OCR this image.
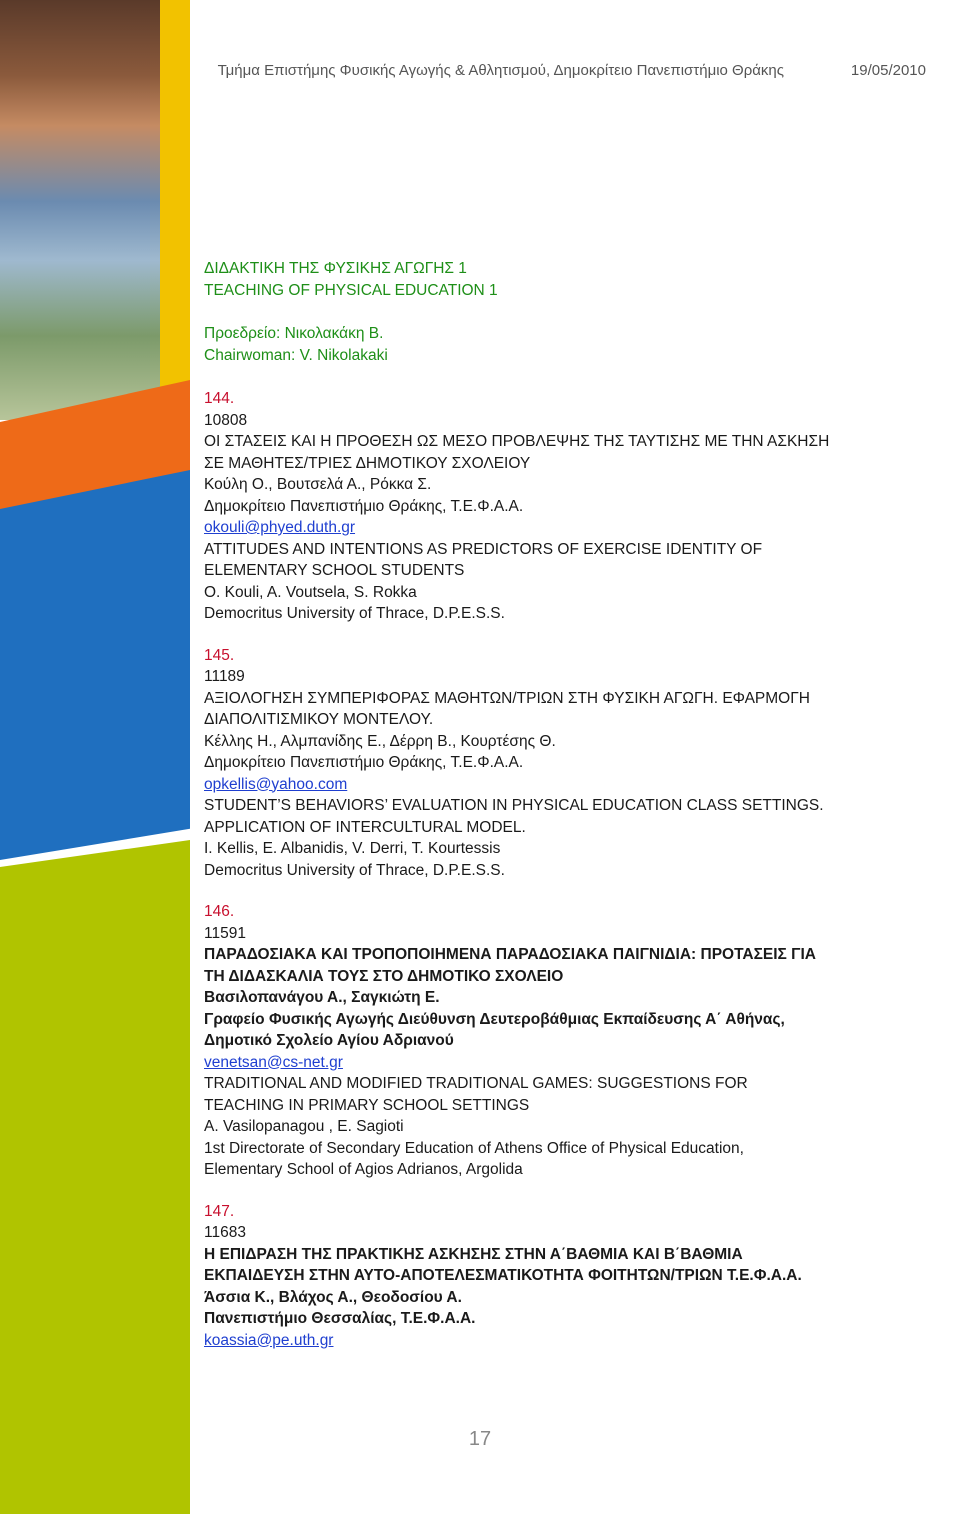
Τμήμα Επιστήμης Φυσικής Αγωγής & Αθλητισμού, Δημοκρίτειο Πανεπιστήμιο Θράκης	19/05/2010
ΔΙΔΑΚΤΙΚΗ ΤΗΣ ΦΥΣΙΚΗΣ ΑΓΩΓΗΣ 1
TEACHING OF PHYSICAL EDUCATION 1
Προεδρείο: Νικολακάκη Β.
Chairwoman: V. Nikolakaki
144.
10808
ΟΙ ΣΤΑΣΕΙΣ ΚΑΙ Η ΠΡΟΘΕΣΗ ΩΣ ΜΕΣΟ ΠΡΟΒΛΕΨΗΣ ΤΗΣ ΤΑΥΤΙΣΗΣ ΜΕ ΤΗΝ ΑΣΚΗΣΗ
ΣΕ ΜΑΘΗΤΕΣ/ΤΡΙΕΣ ΔΗΜΟΤΙΚΟΥ ΣΧΟΛΕΙΟΥ
Κούλη Ο., Βουτσελά Α., Ρόκκα Σ.
Δημοκρίτειο Πανεπιστήμιο Θράκης, Τ.Ε.Φ.Α.Α.
okouli@phyed.duth.gr
ATTITUDES AND INTENTIONS AS PREDICTORS OF EXERCISE IDENTITY OF
ELEMENTARY SCHOOL STUDENTS
O. Kouli, A. Voutsela, S. Rokka
Democritus University of Thrace, D.P.E.S.S.
145.
11189
ΑΞΙΟΛΟΓΗΣΗ ΣΥΜΠΕΡΙΦΟΡΑΣ ΜΑΘΗΤΩΝ/ΤΡΙΩΝ ΣΤΗ ΦΥΣΙΚΗ ΑΓΩΓΗ. ΕΦΑΡΜΟΓΗ
ΔΙΑΠΟΛΙΤΙΣΜΙΚΟΥ ΜΟΝΤΕΛΟΥ.
Κέλλης Η., Αλμπανίδης Ε., Δέρρη Β., Κουρτέσης Θ.
Δημοκρίτειο Πανεπιστήμιο Θράκης, Τ.Ε.Φ.Α.Α.
opkellis@yahoo.com
STUDENT’S BEHAVIORS’ EVALUATION IN PHYSICAL EDUCATION CLASS SETTINGS.
APPLICATION OF INTERCULTURAL MODEL.
I. Kellis, E. Albanidis, V. Derri, T. Kourtessis
Democritus University of Thrace, D.P.E.S.S.
146.
11591
ΠΑΡΑΔΟΣΙΑΚΑ ΚΑΙ ΤΡΟΠΟΠΟΙΗΜΕΝΑ ΠΑΡΑΔΟΣΙΑΚΑ ΠΑΙΓΝΙΔΙΑ: ΠΡΟΤΑΣΕΙΣ ΓΙΑ
ΤΗ ΔΙΔΑΣΚΑΛΙΑ ΤΟΥΣ ΣΤΟ ΔΗΜΟΤΙΚΟ ΣΧΟΛΕΙΟ
Βασιλοπανάγου Α., Σαγκιώτη Ε.
Γραφείο Φυσικής Αγωγής Διεύθυνση Δευτεροβάθμιας Εκπαίδευσης Α΄ Αθήνας,
Δημοτικό Σχολείο Αγίου Αδριανού
venetsan@cs-net.gr
TRADITIONAL AND MODIFIED TRADITIONAL GAMES: SUGGESTIONS FOR
TEACHING IN PRIMARY SCHOOL SETTINGS
A. Vasilopanagou , E. Sagioti
1st Directorate of Secondary Education of Athens Office of Physical Education,
Elementary School of Agios Adrianos, Argolida
147.
11683
Η ΕΠΙΔΡΑΣΗ ΤΗΣ ΠΡΑΚΤΙΚΗΣ ΑΣΚΗΣΗΣ ΣΤΗΝ Α΄ΒΑΘΜΙΑ ΚΑΙ Β΄ΒΑΘΜΙΑ
ΕΚΠΑΙΔΕΥΣΗ ΣΤΗΝ ΑΥΤΟ-ΑΠΟΤΕΛΕΣΜΑΤΙΚΟΤΗΤΑ ΦΟΙΤΗΤΩΝ/ΤΡΙΩΝ Τ.Ε.Φ.Α.Α.
Άσσια Κ., Βλάχος Α., Θεοδοσίου Α.
Πανεπιστήμιο Θεσσαλίας, Τ.Ε.Φ.Α.Α.
koassia@pe.uth.gr
17
